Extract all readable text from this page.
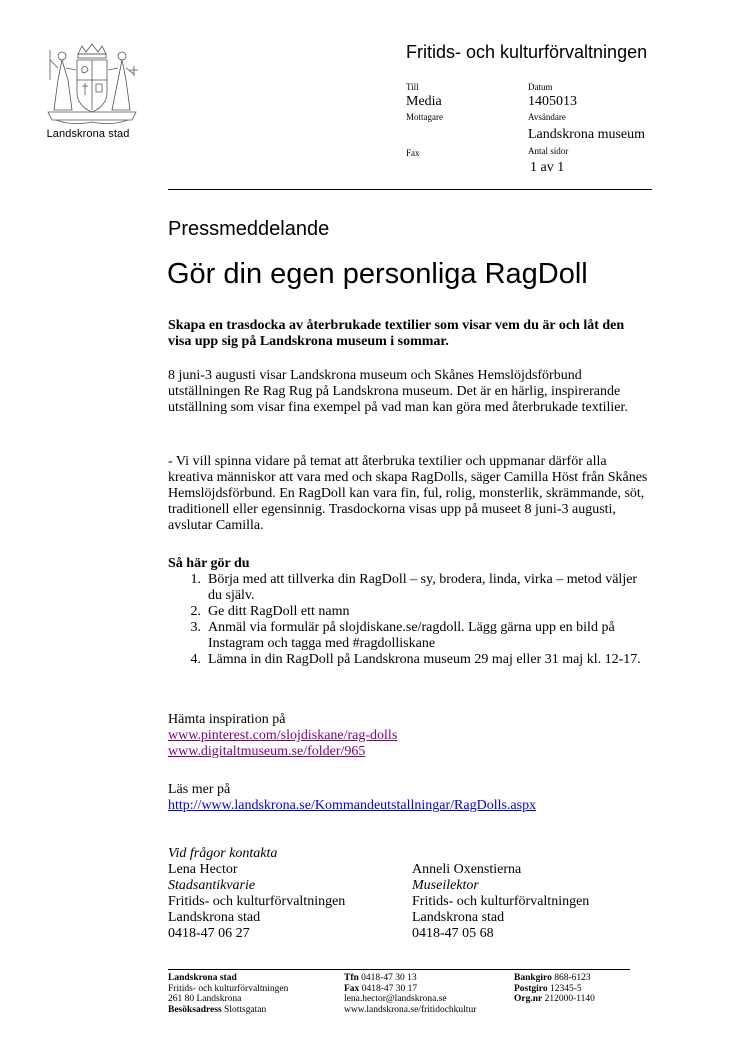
Landskrona stad
Fritids- och kulturförvaltningen
Till
Media
Mottagare
Fax
Datum
1405013
Avsändare
Landskrona museum
Antal sidor
1 av 1
Pressmeddelande
Gör din egen personliga RagDoll
Skapa en trasdocka av återbrukade textilier som visar vem du är och låt den visa upp sig på Landskrona museum i sommar.
8 juni-3 augusti visar Landskrona museum och Skånes Hemslöjdsförbund utställningen Re Rag Rug på Landskrona museum. Det är en härlig, inspirerande utställning som visar fina exempel på vad man kan göra med återbrukade textilier.
- Vi vill spinna vidare på temat att återbruka textilier och uppmanar därför alla kreativa människor att vara med och skapa RagDolls, säger Camilla Höst från Skånes Hemslöjdsförbund. En RagDoll kan vara fin, ful, rolig, monsterlik, skrämmande, söt, traditionell eller egensinnig. Trasdockorna visas upp på museet 8 juni-3 augusti, avslutar Camilla.
Så här gör du
1. Börja med att tillverka din RagDoll – sy, brodera, linda, virka – metod väljer du själv.
2. Ge ditt RagDoll ett namn
3. Anmäl via formulär på slojdiskane.se/ragdoll. Lägg gärna upp en bild på Instagram och tagga med #ragdolliskane
4. Lämna in din RagDoll på Landskrona museum 29 maj eller 31 maj kl. 12-17.
Hämta inspiration på
www.pinterest.com/slojdiskane/rag-dolls
www.digitaltmuseum.se/folder/965
Läs mer på
http://www.landskrona.se/Kommandeutstallningar/RagDolls.aspx
Vid frågor kontakta
Lena Hector
Stadsantikvarie
Fritids- och kulturförvaltningen
Landskrona stad
0418-47 06 27
Anneli Oxenstierna
Museilektor
Fritids- och kulturförvaltningen
Landskrona stad
0418-47 05 68
Landskrona stad
Fritids- och kulturförvaltningen
261 80 Landskrona
Besöksadress Slottsgatan
Tfn 0418-47 30 13
Fax 0418-47 30 17
lena.hector@landskrona.se
www.landskrona.se/fritidochkultur
Bankgiro 868-6123
Postgiro 12345-5
Org.nr 212000-1140
